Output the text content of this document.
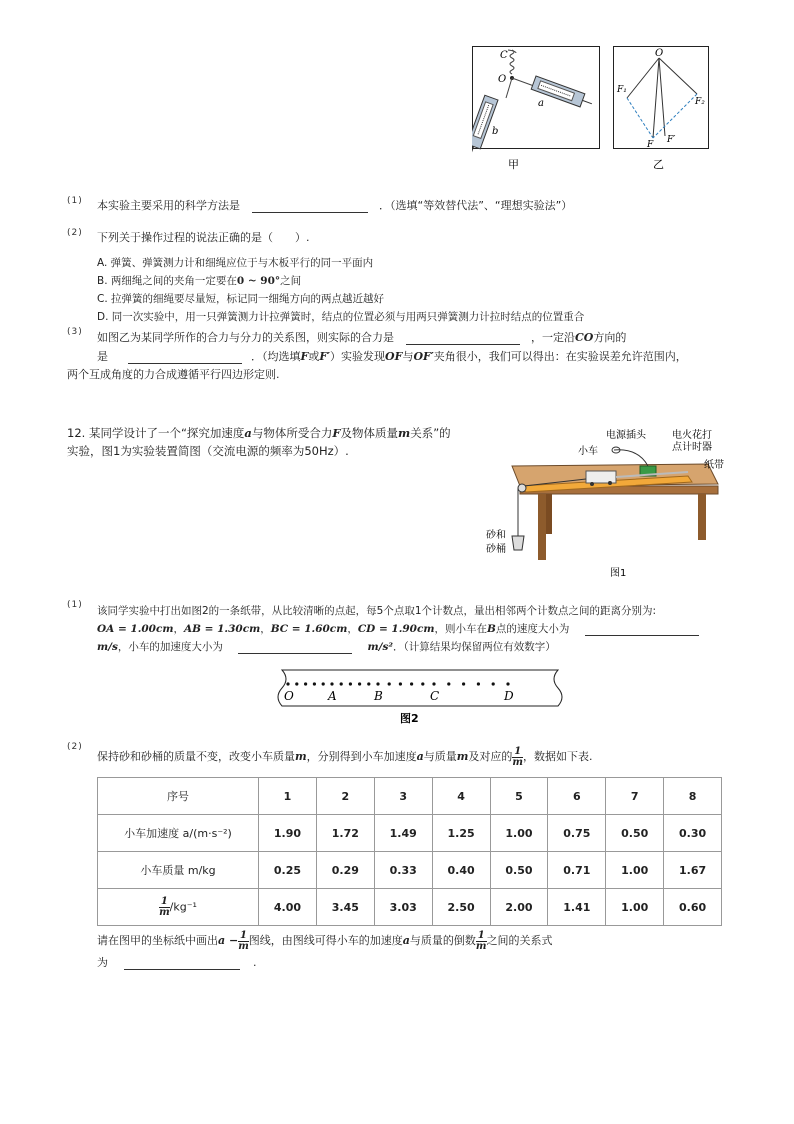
C
O
a
b
甲
O
F₁
F₂
F F′
乙
(1) 本实验主要采用的科学方法是	．（选填“等效替代法”、“理想实验法”）
(2) 下列关于操作过程的说法正确的是（　　）.
A. 弹簧、弹簧测力计和细绳应位于与木板平行的同一平面内
B. 两细绳之间的夹角一定要在0 ~ 90°之间
C. 拉弹簧的细绳要尽量短，标记同一细绳方向的两点越近越好
D. 同一次实验中，用一只弹簧测力计拉弹簧时，结点的位置必须与用两只弹簧测力计拉时结点的位置重合
(3) 如图乙为某同学所作的合力与分力的关系图，则实际的合力是	，一定沿CO方向的
是	．（均选填F或F′）实验发现OF与OF′夹角很小，我们可以得出：在实验误差允许范围内，
两个互成角度的力合成遵循平行四边形定则.
12. 某同学设计了一个“探究加速度a与物体所受合力F及物体质量m关系”的
实验，图1为实验装置简图（交流电源的频率为50Hz）.	小车
电源插头	电火花打
点计时器
纸带
砂和
砂桶
图1
(1) 该同学实验中打出如图2的一条纸带，从比较清晰的点起，每5个点取1个计数点，量出相邻两个计数点之间的距离分别为:
OA = 1.00cm，AB = 1.30cm，BC = 1.60cm，CD = 1.90cm，则小车在B点的速度大小为
m/s，小车的加速度大小为	m/s²．（计算结果均保留两位有效数字）
O	A	B	C	D
图2
(2)
保持砂和砂桶的质量不变，改变小车质量m，分别得到小车加速度a与质量m及对应的 $\frac{1}{m}$ ，数据如下表.
序号	1	2	3	4	5	6	7	8
小车加速度 a/(m·s⁻²)	1.90	1.72	1.49	1.25	1.00	0.75	0.50	0.30
小车质量 m/kg	0.25	0.29	0.33	0.40	0.50	0.71	1.00	1.67

$\frac{1}{m} /kg^{-1}$	4.00	3.45	3.03	2.50	2.00	1.41	1.00	0.60
请在图甲的坐标纸中画出$a - \frac{1}{m}$ 图线，由图线可得小车的加速度a与质量的倒数 $\frac{1}{m}$ 之间的关系式
为	.
